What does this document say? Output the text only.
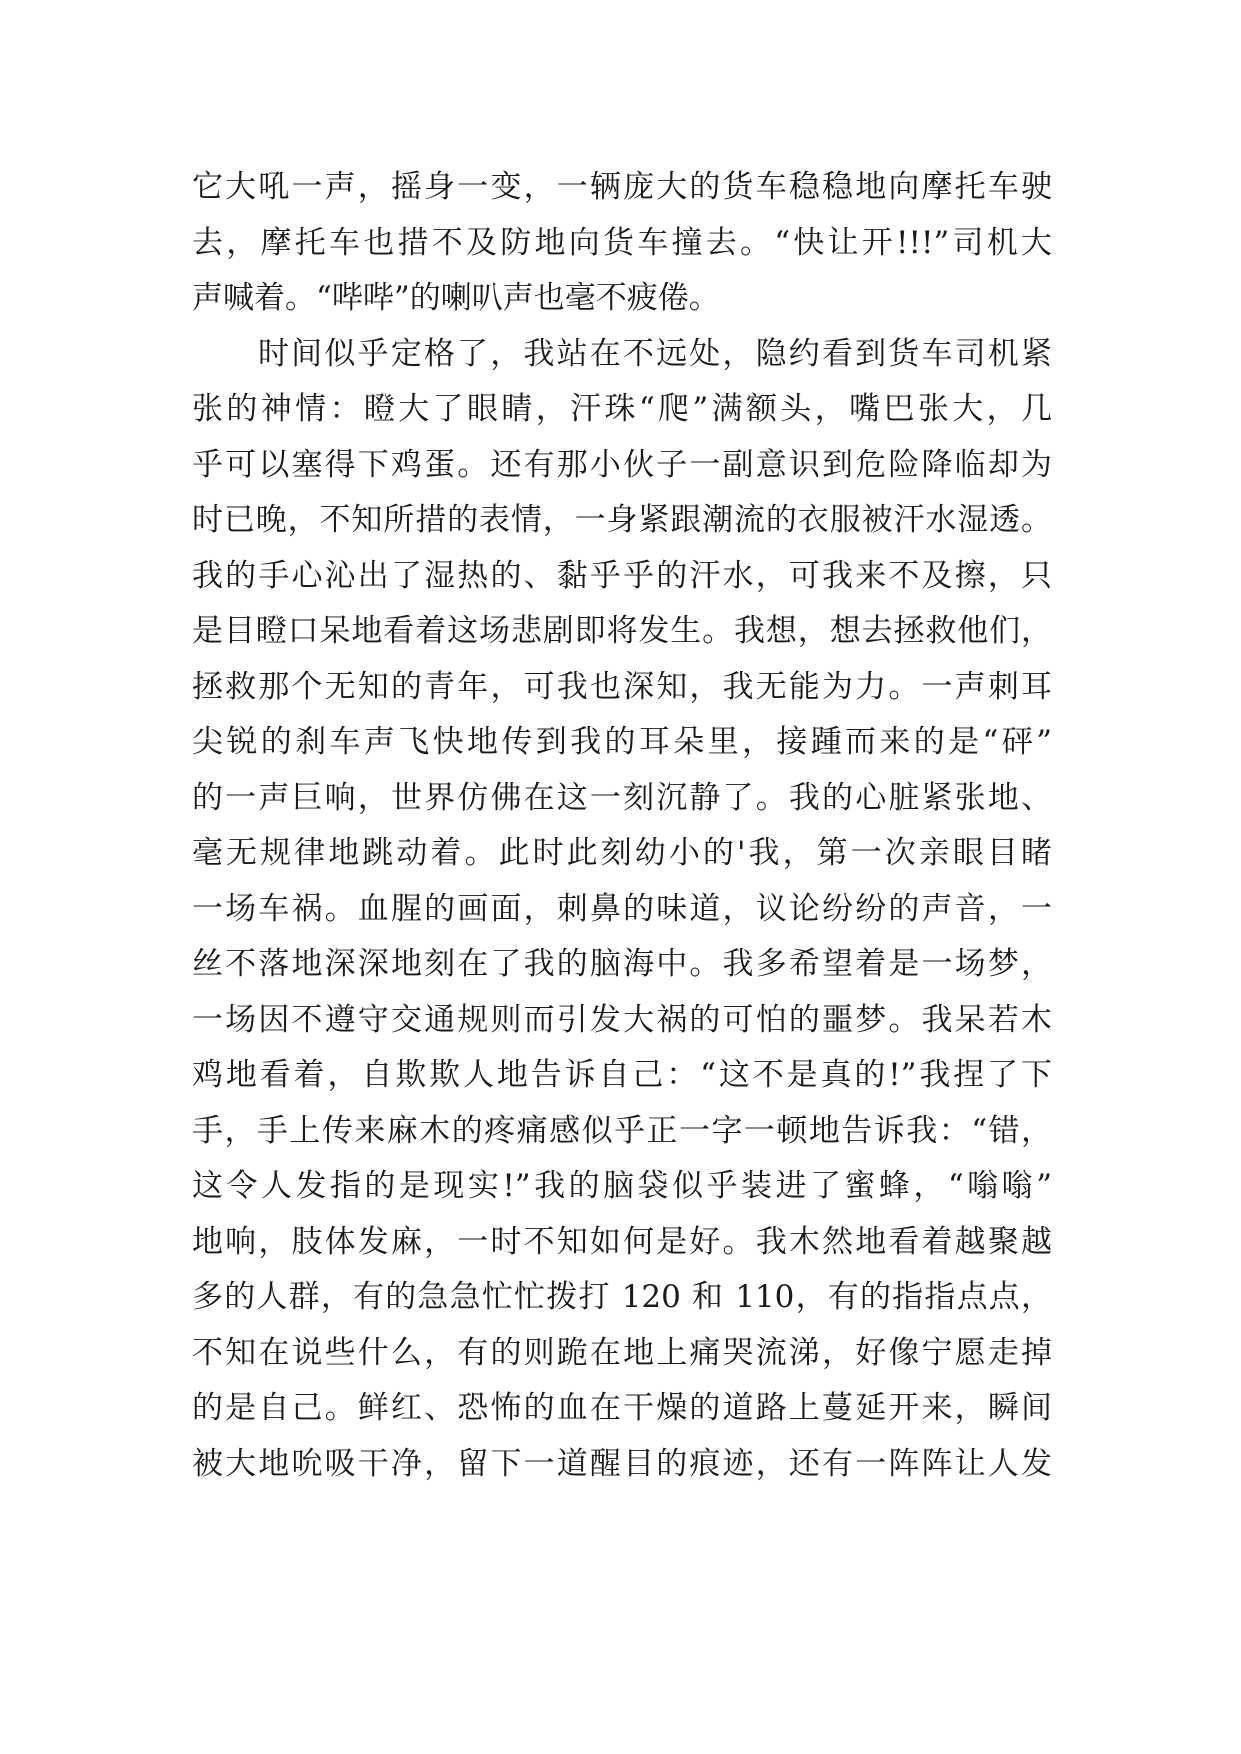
它大吼一声，摇身一变，一辆庞大的货车稳稳地向摩托车驶
去，摩托车也措不及防地向货车撞去。“快让开!!!”司机大
声喊着。“哔哔”的喇叭声也毫不疲倦。
时间似乎定格了，我站在不远处，隐约看到货车司机紧
张的神情：瞪大了眼睛，汗珠“爬”满额头，嘴巴张大，几
乎可以塞得下鸡蛋。还有那小伙子一副意识到危险降临却为
时已晚，不知所措的表情，一身紧跟潮流的衣服被汗水湿透。
我的手心沁出了湿热的、黏乎乎的汗水，可我来不及擦，只
是目瞪口呆地看着这场悲剧即将发生。我想，想去拯救他们，
拯救那个无知的青年，可我也深知，我无能为力。一声刺耳
尖锐的刹车声飞快地传到我的耳朵里，接踵而来的是“砰”
的一声巨响，世界仿佛在这一刻沉静了。我的心脏紧张地、
毫无规律地跳动着。此时此刻幼小的'我，第一次亲眼目睹
一场车祸。血腥的画面，刺鼻的味道，议论纷纷的声音，一
丝不落地深深地刻在了我的脑海中。我多希望着是一场梦，
一场因不遵守交通规则而引发大祸的可怕的噩梦。我呆若木
鸡地看着，自欺欺人地告诉自己：“这不是真的!”我捏了下
手，手上传来麻木的疼痛感似乎正一字一顿地告诉我：“错，
这令人发指的是现实!”我的脑袋似乎装进了蜜蜂，“嗡嗡”
地响，肢体发麻，一时不知如何是好。我木然地看着越聚越
多的人群，有的急急忙忙拨打 120 和 110，有的指指点点，
不知在说些什么，有的则跪在地上痛哭流涕，好像宁愿走掉
的是自己。鲜红、恐怖的血在干燥的道路上蔓延开来，瞬间
被大地吮吸干净，留下一道醒目的痕迹，还有一阵阵让人发
